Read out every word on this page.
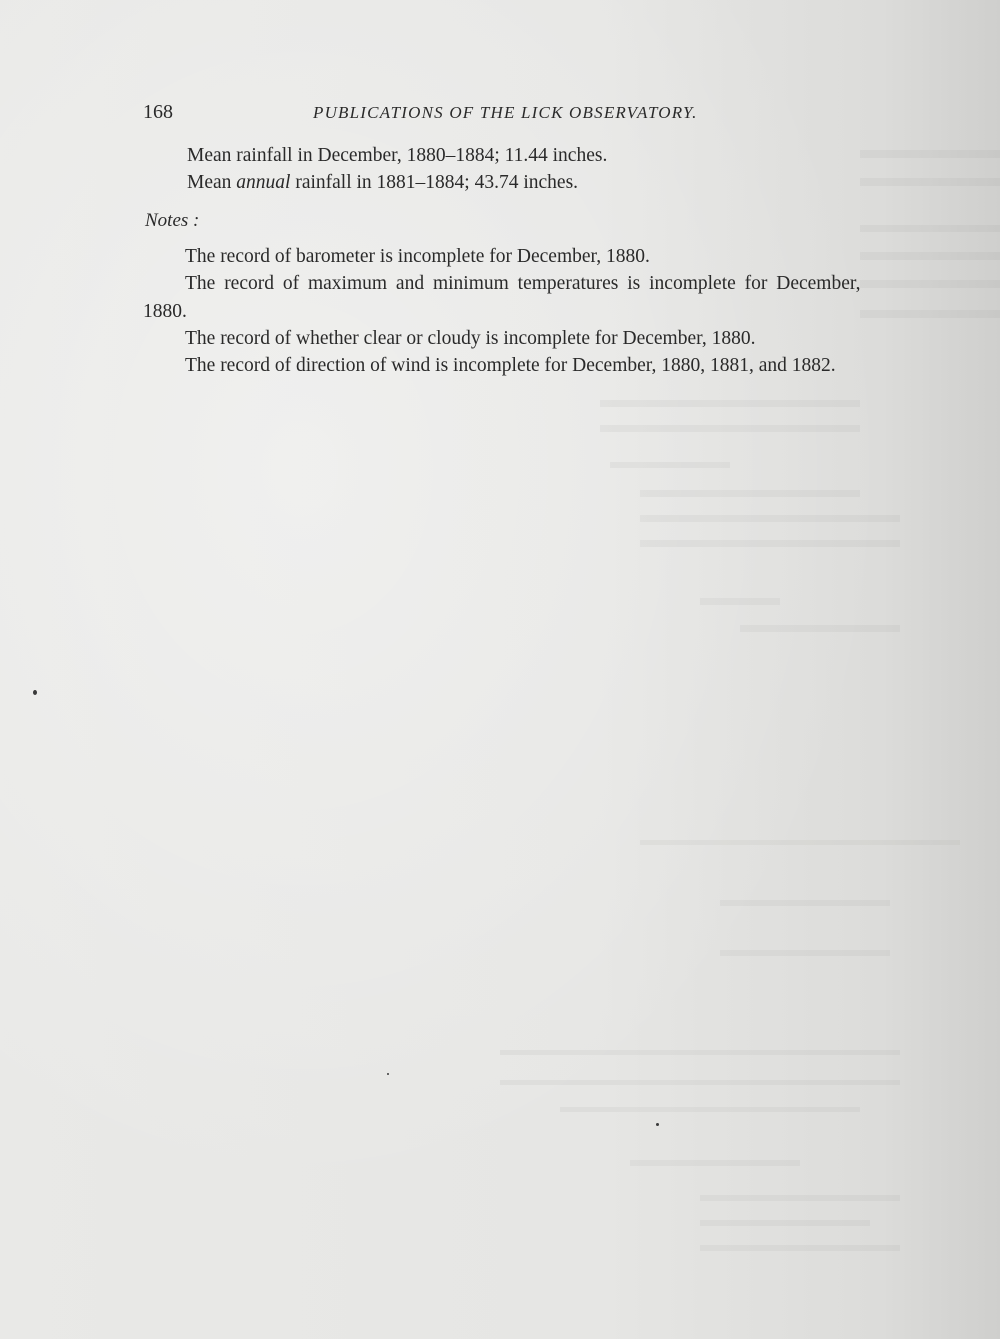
168	PUBLICATIONS OF THE LICK OBSERVATORY.
Mean rainfall in December, 1880–1884; 11.44 inches.
Mean annual rainfall in 1881–1884; 43.74 inches.
Notes :
The record of barometer is incomplete for December, 1880.
The record of maximum and minimum temperatures is incomplete for December,
1880.
The record of whether clear or cloudy is incomplete for December, 1880.
The record of direction of wind is incomplete for December, 1880, 1881, and 1882.
